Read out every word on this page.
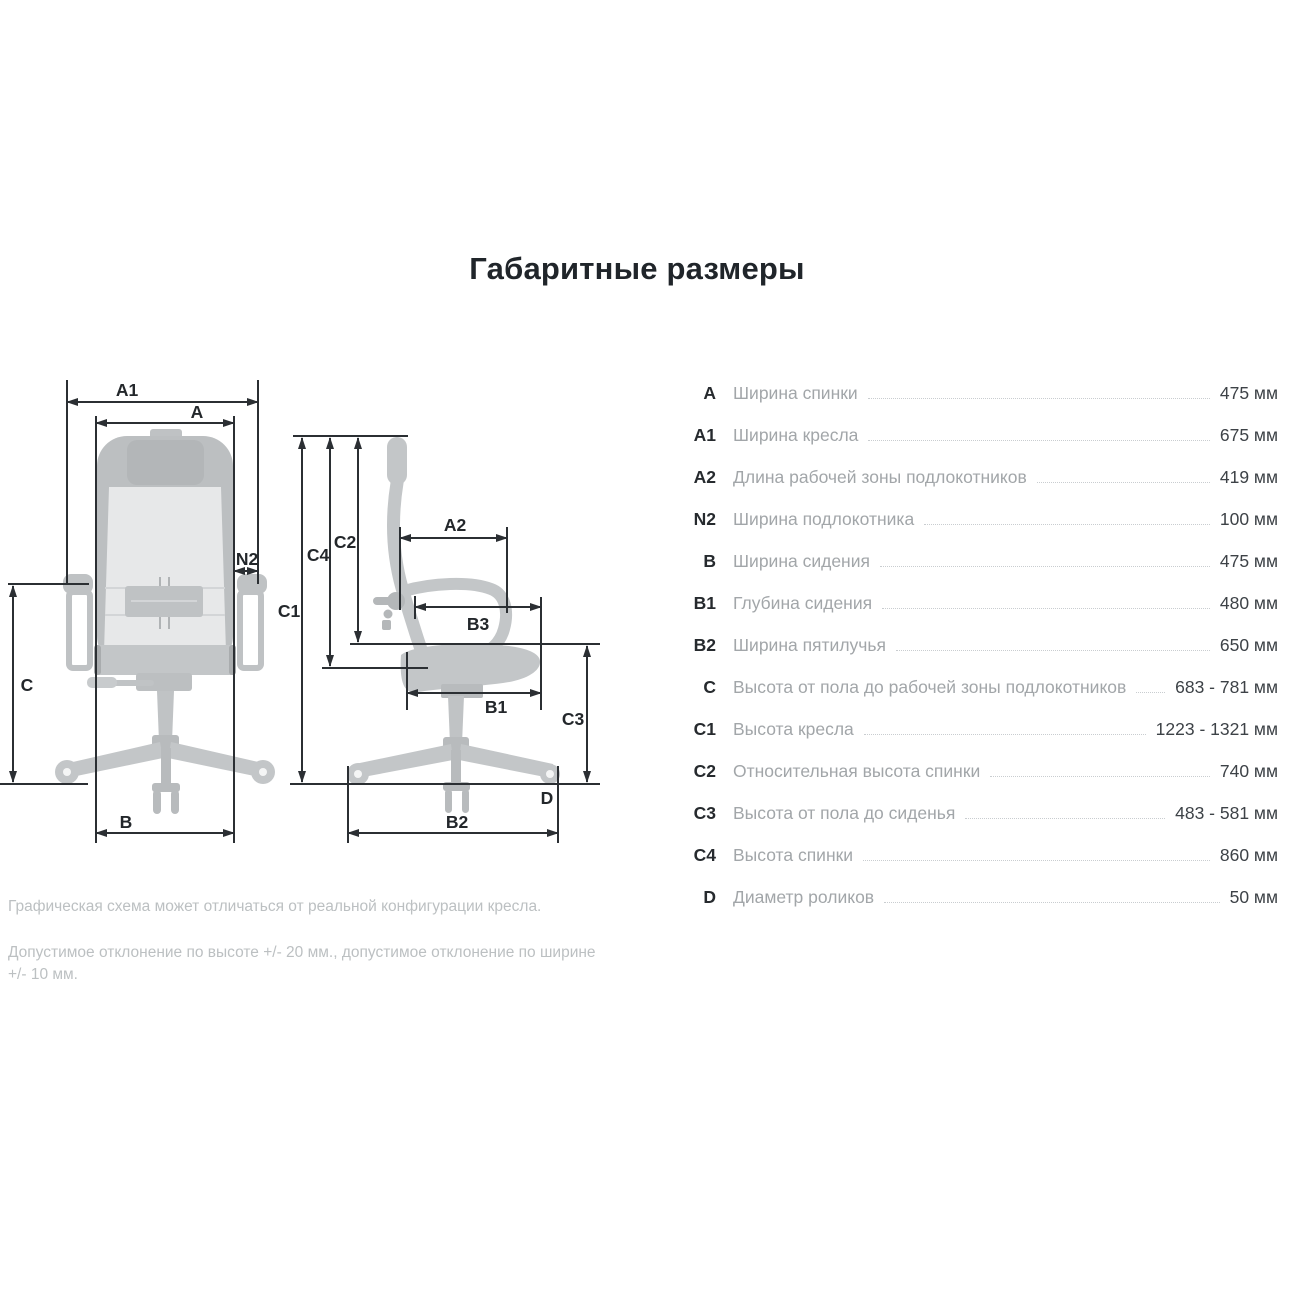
Габаритные размеры
A1
A
N2
C
B
C1
C4
C2
A2
B3
B1
C3
B2
D
A Ширина спинки	475 мм
A1 Ширина кресла	675 мм
A2 Длина рабочей зоны подлокотников	419 мм
N2 Ширина подлокотника	100 мм
B Ширина сидения	475 мм
B1 Глубина сидения	480 мм
B2 Ширина пятилучья	650 мм
C Высота от пола до рабочей зоны подлокотников	683 - 781 мм
C1 Высота кресла	1223 - 1321 мм
C2 Относительная высота спинки	740 мм
C3 Высота от пола до сиденья	483 - 581 мм
C4 Высота спинки	860 мм
D Диаметр роликов	50 мм

Графическая схема может отличаться от реальной конфигурации кресла.

Допустимое отклонение по высоте +/- 20 мм., допустимое отклонение по ширине +/- 10 мм.
